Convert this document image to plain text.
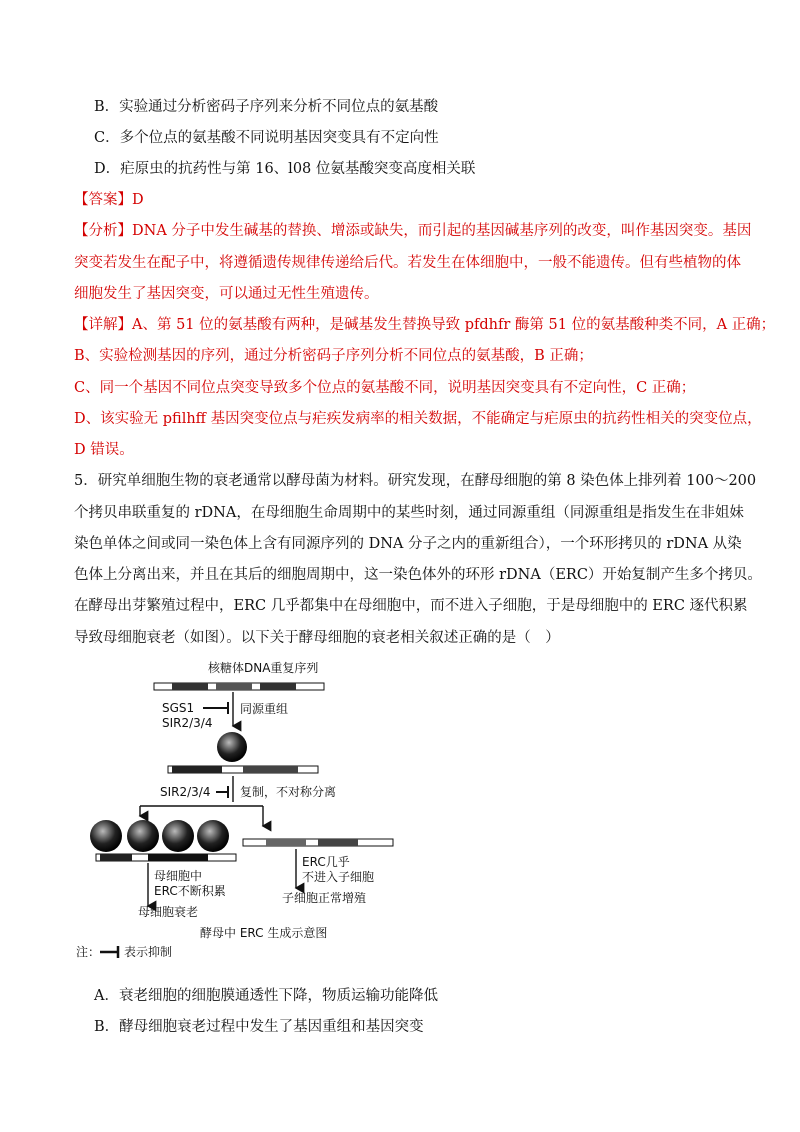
B．实验通过分析密码子序列来分析不同位点的氨基酸
C．多个位点的氨基酸不同说明基因突变具有不定向性
D．疟原虫的抗药性与第 16、l08 位氨基酸突变高度相关联
【答案】D
【分析】DNA 分子中发生碱基的替换、增添或缺失，而引起的基因碱基序列的改变，叫作基因突变。基因
突变若发生在配子中，将遵循遗传规律传递给后代。若发生在体细胞中，一般不能遗传。但有些植物的体
细胞发生了基因突变，可以通过无性生殖遗传。
【详解】A、第 51 位的氨基酸有两种，是碱基发生替换导致 pfdhfr 酶第 51 位的氨基酸种类不同，A 正确；
B、实验检测基因的序列，通过分析密码子序列分析不同位点的氨基酸，B 正确；
C、同一个基因不同位点突变导致多个位点的氨基酸不同，说明基因突变具有不定向性，C 正确；
D、该实验无 pfilhff 基因突变位点与疟疾发病率的相关数据，不能确定与疟原虫的抗药性相关的突变位点，
D 错误。
5．研究单细胞生物的衰老通常以酵母菌为材料。研究发现，在酵母细胞的第 8 染色体上排列着 100～200
个拷贝串联重复的 rDNA，在母细胞生命周期中的某些时刻，通过同源重组（同源重组是指发生在非姐妹
染色单体之间或同一染色体上含有同源序列的 DNA 分子之内的重新组合），一个环形拷贝的 rDNA 从染
色体上分离出来，并且在其后的细胞周期中，这一染色体外的环形 rDNA（ERC）开始复制产生多个拷贝。
在酵母出芽繁殖过程中，ERC 几乎都集中在母细胞中，而不进入子细胞，于是母细胞中的 ERC 逐代积累
导致母细胞衰老（如图）。以下关于酵母细胞的衰老相关叙述正确的是（　）
核糖体DNA重复序列
SGS1
SIR2/3/4
同源重组
SIR2/3/4 复制，不对称分离
母细胞中
ERC不断积累
母细胞衰老
ERC几乎
不进入子细胞
子细胞正常增殖
酵母中 ERC 生成示意图
注： 表示抑制
A．衰老细胞的细胞膜通透性下降，物质运输功能降低
B．酵母细胞衰老过程中发生了基因重组和基因突变
